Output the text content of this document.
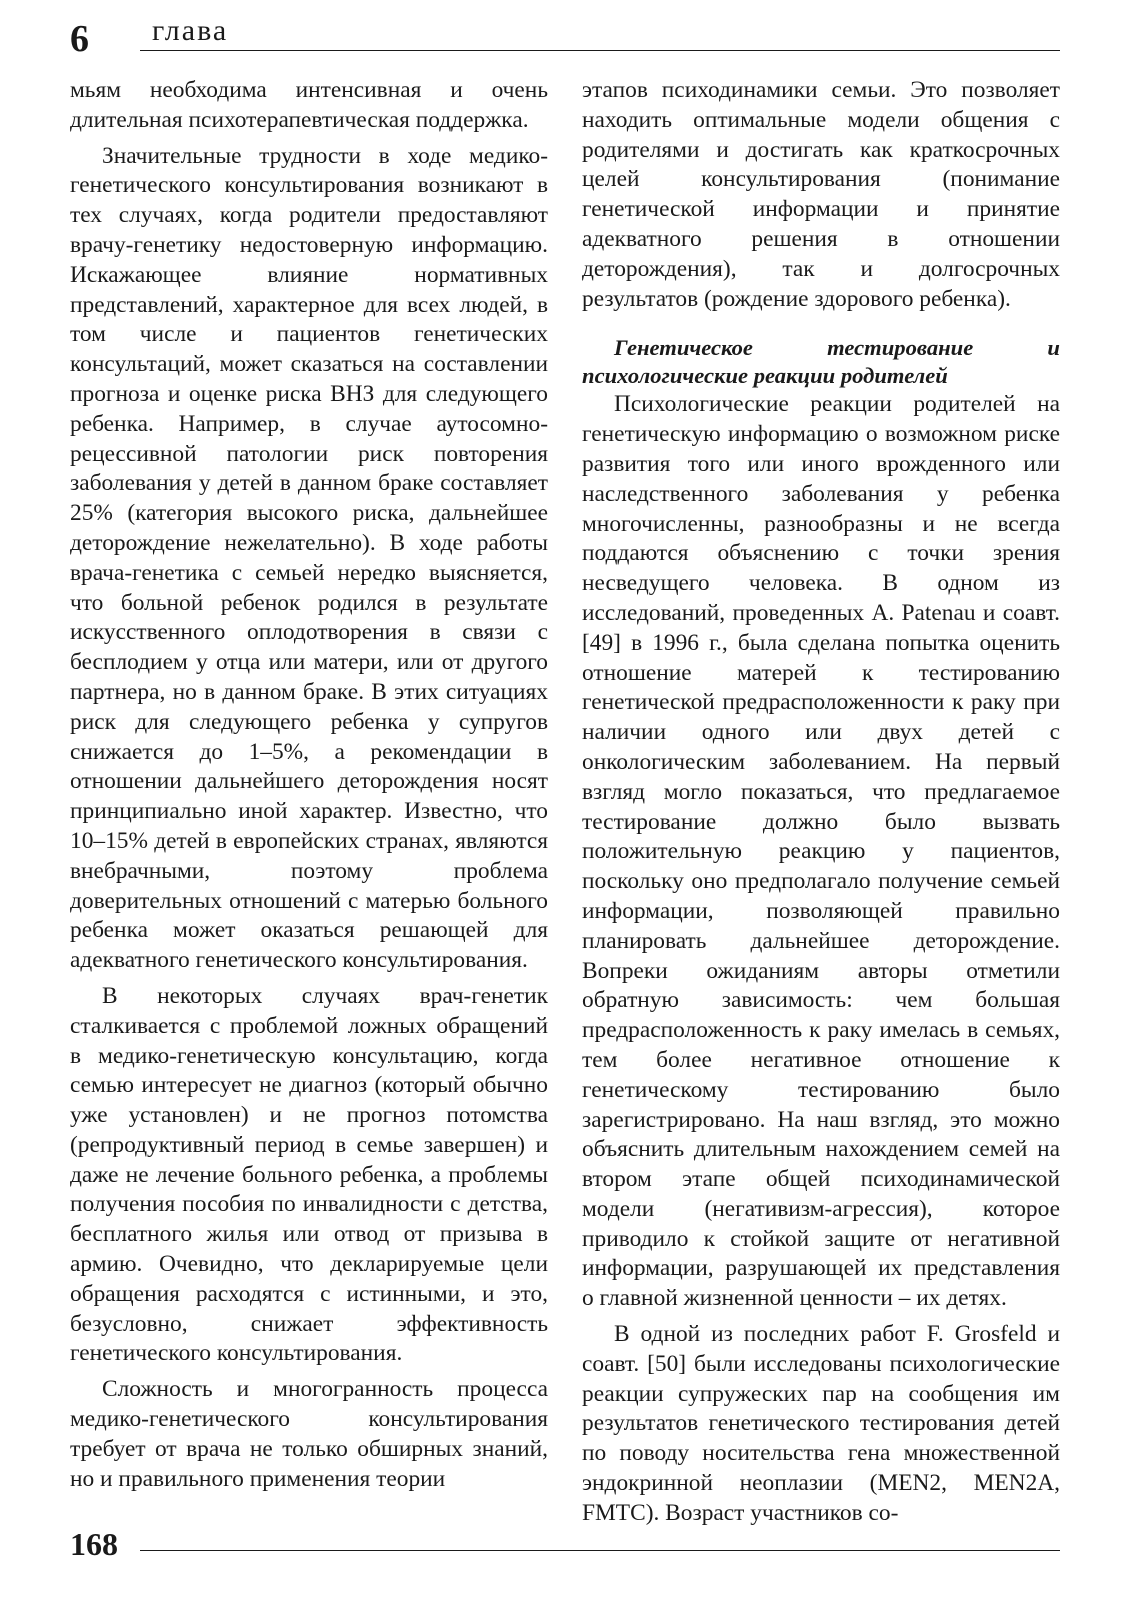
6 глава

мьям необходима интенсивная и очень длительная психотерапевтическая поддержка.

Значительные трудности в ходе медико-генетического консультирования возникают в тех случаях, когда родители предоставляют врачу-генетику недостоверную информацию. Искажающее влияние нормативных представлений, характерное для всех людей, в том числе и пациентов генетических консультаций, может сказаться на составлении прогноза и оценке риска ВНЗ для следующего ребенка. Например, в случае аутосомно-рецессивной патологии риск повторения заболевания у детей в данном браке составляет 25% (категория высокого риска, дальнейшее деторождение нежелательно). В ходе работы врача-генетика с семьей нередко выясняется, что больной ребенок родился в результате искусственного оплодотворения в связи с бесплодием у отца или матери, или от другого партнера, но в данном браке. В этих ситуациях риск для следующего ребенка у супругов снижается до 1–5%, а рекомендации в отношении дальнейшего деторождения носят принципиально иной характер. Известно, что 10–15% детей в европейских странах, являются внебрачными, поэтому проблема доверительных отношений с матерью больного ребенка может оказаться решающей для адекватного генетического консультирования.

В некоторых случаях врач-генетик сталкивается с проблемой ложных обращений в медико-генетическую консультацию, когда семью интересует не диагноз (который обычно уже установлен) и не прогноз потомства (репродуктивный период в семье завершен) и даже не лечение больного ребенка, а проблемы получения пособия по инвалидности с детства, бесплатного жилья или отвод от призыва в армию. Очевидно, что декларируемые цели обращения расходятся с истинными, и это, безусловно, снижает эффективность генетического консультирования.

Сложность и многогранность процесса медико-генетического консультирования требует от врача не только обширных знаний, но и правильного применения теории

этапов психодинамики семьи. Это позволяет находить оптимальные модели общения с родителями и достигать как краткосрочных целей консультирования (понимание генетической информации и принятие адекватного решения в отношении деторождения), так и долгосрочных результатов (рождение здорового ребенка).

Генетическое тестирование и психологические реакции родителей

Психологические реакции родителей на генетическую информацию о возможном риске развития того или иного врожденного или наследственного заболевания у ребенка многочисленны, разнообразны и не всегда поддаются объяснению с точки зрения несведущего человека. В одном из исследований, проведенных A. Patenau и соавт. [49] в 1996 г., была сделана попытка оценить отношение матерей к тестированию генетической предрасположенности к раку при наличии одного или двух детей с онкологическим заболеванием. На первый взгляд могло показаться, что предлагаемое тестирование должно было вызвать положительную реакцию у пациентов, поскольку оно предполагало получение семьей информации, позволяющей правильно планировать дальнейшее деторождение. Вопреки ожиданиям авторы отметили обратную зависимость: чем большая предрасположенность к раку имелась в семьях, тем более негативное отношение к генетическому тестированию было зарегистрировано. На наш взгляд, это можно объяснить длительным нахождением семей на втором этапе общей психодинамической модели (негативизм-агрессия), которое приводило к стойкой защите от негативной информации, разрушающей их представления о главной жизненной ценности – их детях.

В одной из последних работ F. Grosfeld и соавт. [50] были исследованы психологические реакции супружеских пар на сообщения им результатов генетического тестирования детей по поводу носительства гена множественной эндокринной неоплазии (MEN2, MEN2A, FMTC). Возраст участников со-

168
